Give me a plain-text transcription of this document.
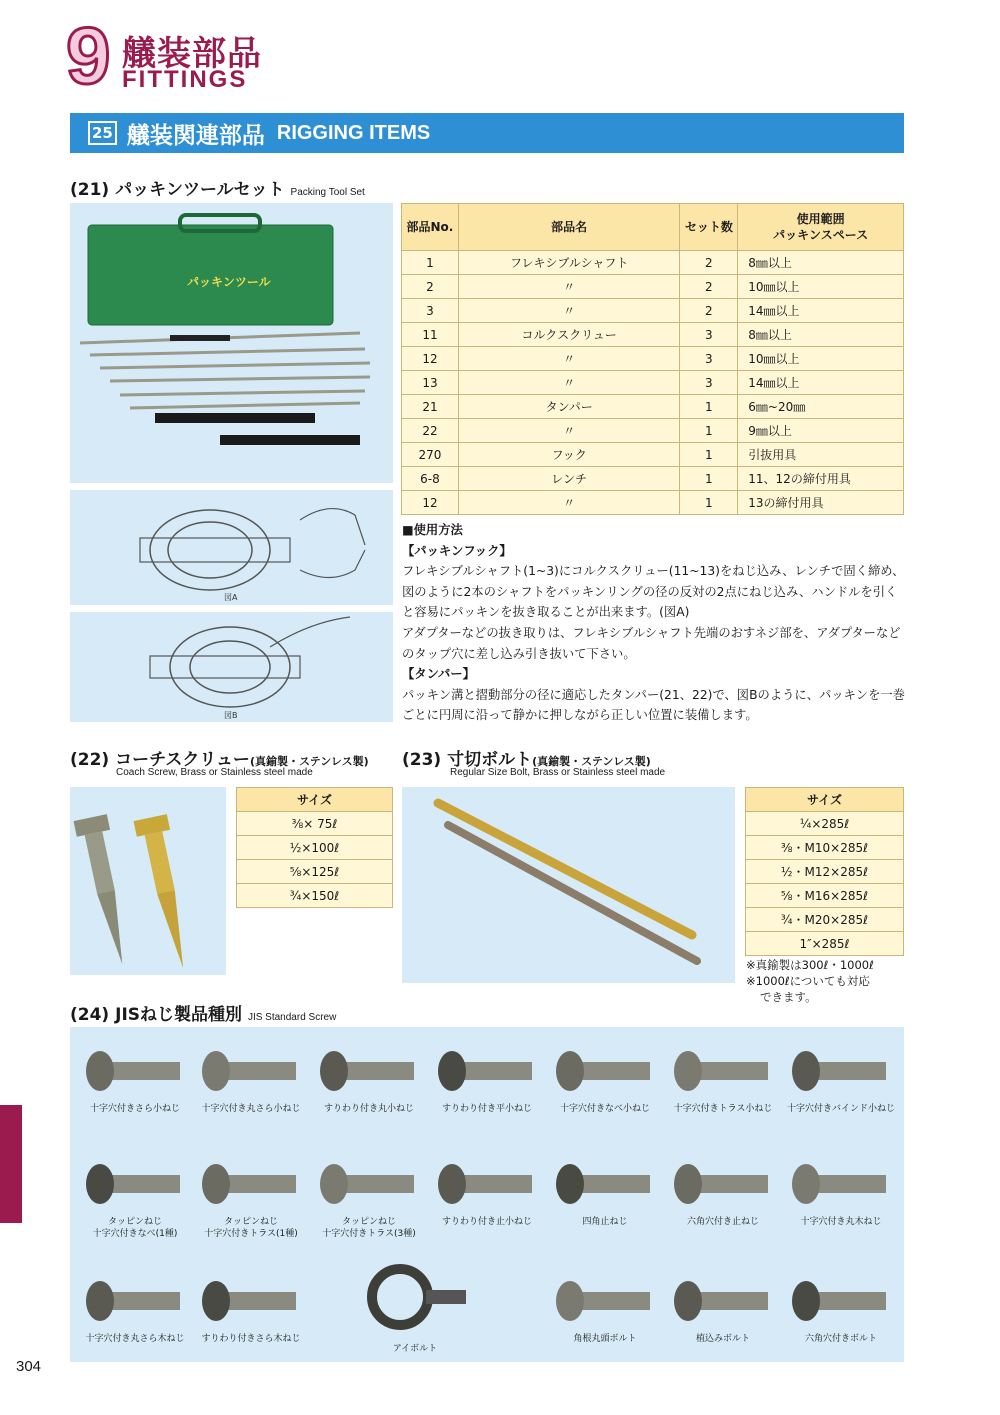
304
9 艤装部品
FITTINGS
25 艤装関連部品 RIGGING ITEMS
(21) パッキンツールセット Packing Tool Set
パッキンツール
図A
図B
部品No.	部品名	セット数	使用範囲
パッキンスペース
1	フレキシブルシャフト	2	8㎜以上
2	〃	2	10㎜以上
3	〃	2	14㎜以上
11	コルクスクリュー	3	8㎜以上
12	〃	3	10㎜以上
13	〃	3	14㎜以上
21	タンパー	1	6㎜~20㎜
22	〃	1	9㎜以上
270	フック	1	引抜用具
6-8	レンチ	1	11、12の締付用具
12	〃	1	13の締付用具
■使用方法
【パッキンフック】
フレキシブルシャフト(1~3)にコルクスクリュー(11~13)をねじ込み、レンチで固く締め、図のように2本のシャフトをパッキンリングの径の反対の2点にねじ込み、ハンドルを引くと容易にパッキンを抜き取ることが出来ます。(図A)
アダプターなどの抜き取りは、フレキシブルシャフト先端のおすネジ部を、アダプターなどのタップ穴に差し込み引き抜いて下さい。
【タンパー】
パッキン溝と摺動部分の径に適応したタンパー(21、22)で、図Bのように、パッキンを一巻ごとに円周に沿って静かに押しながら正しい位置に装備します。
(22) コーチスクリュー(真鍮製・ステンレス製)
Coach Screw, Brass or Stainless steel made
サイズ
⅜× 75ℓ
½×100ℓ
⅝×125ℓ
¾×150ℓ
(23) 寸切ボルト(真鍮製・ステンレス製)
Regular Size Bolt, Brass or Stainless steel made
サイズ
¼×285ℓ
⅜・M10×285ℓ
½・M12×285ℓ
⅝・M16×285ℓ
¾・M20×285ℓ
1″×285ℓ
※真鍮製は300ℓ・1000ℓ
※1000ℓについても対応
できます。
(24) JISねじ製品種別 JIS Standard Screw
十字穴付きさら小ねじ	十字穴付き丸さら小ねじ	すりわり付き丸小ねじ	すりわり付き平小ねじ	十字穴付きなべ小ねじ	十字穴付きトラス小ねじ	十字穴付きバインド小ねじ
タッピンねじ
十字穴付きなべ(1種)
タッピンねじ
十字穴付きトラス(1種)
タッピンねじ
十字穴付きトラス(3種)
すりわり付き止小ねじ	四角止ねじ	六角穴付き止ねじ	十字穴付き丸木ねじ
十字穴付き丸さら木ねじ	すりわり付きさら木ねじ
アイボルト
角根丸頭ボルト	植込みボルト	六角穴付きボルト
